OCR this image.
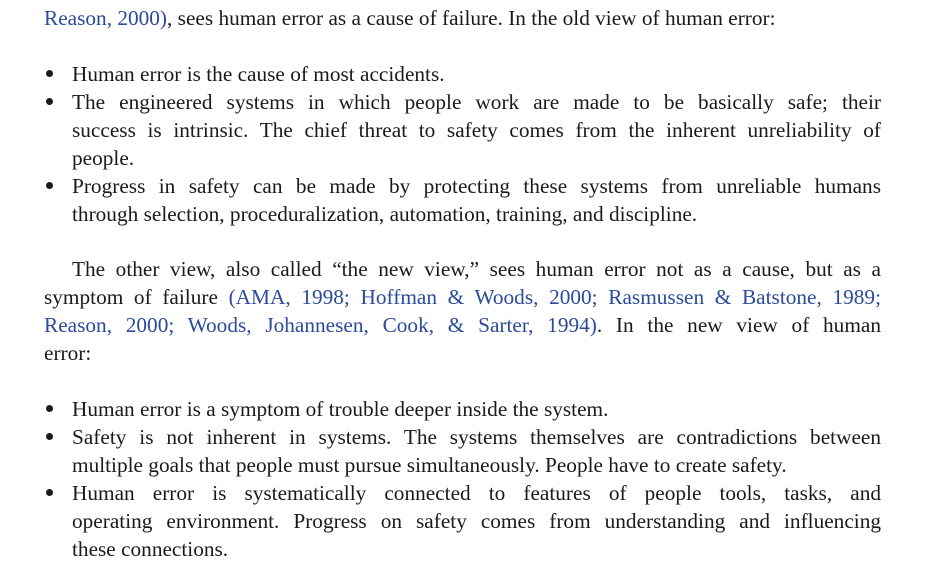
Reason, 2000), sees human error as a cause of failure. In the old view of human error:
Human error is the cause of most accidents.
The engineered systems in which people work are made to be basically safe; their
success is intrinsic. The chief threat to safety comes from the inherent unreliability of
people.
Progress in safety can be made by protecting these systems from unreliable humans
through selection, proceduralization, automation, training, and discipline.
The other view, also called “the new view,” sees human error not as a cause, but as a
symptom of failure (AMA, 1998; Hoffman & Woods, 2000; Rasmussen & Batstone, 1989;
Reason, 2000; Woods, Johannesen, Cook, & Sarter, 1994). In the new view of human
error:
Human error is a symptom of trouble deeper inside the system.
Safety is not inherent in systems. The systems themselves are contradictions between
multiple goals that people must pursue simultaneously. People have to create safety.
Human error is systematically connected to features of people tools, tasks, and
operating environment. Progress on safety comes from understanding and influencing
these connections.
